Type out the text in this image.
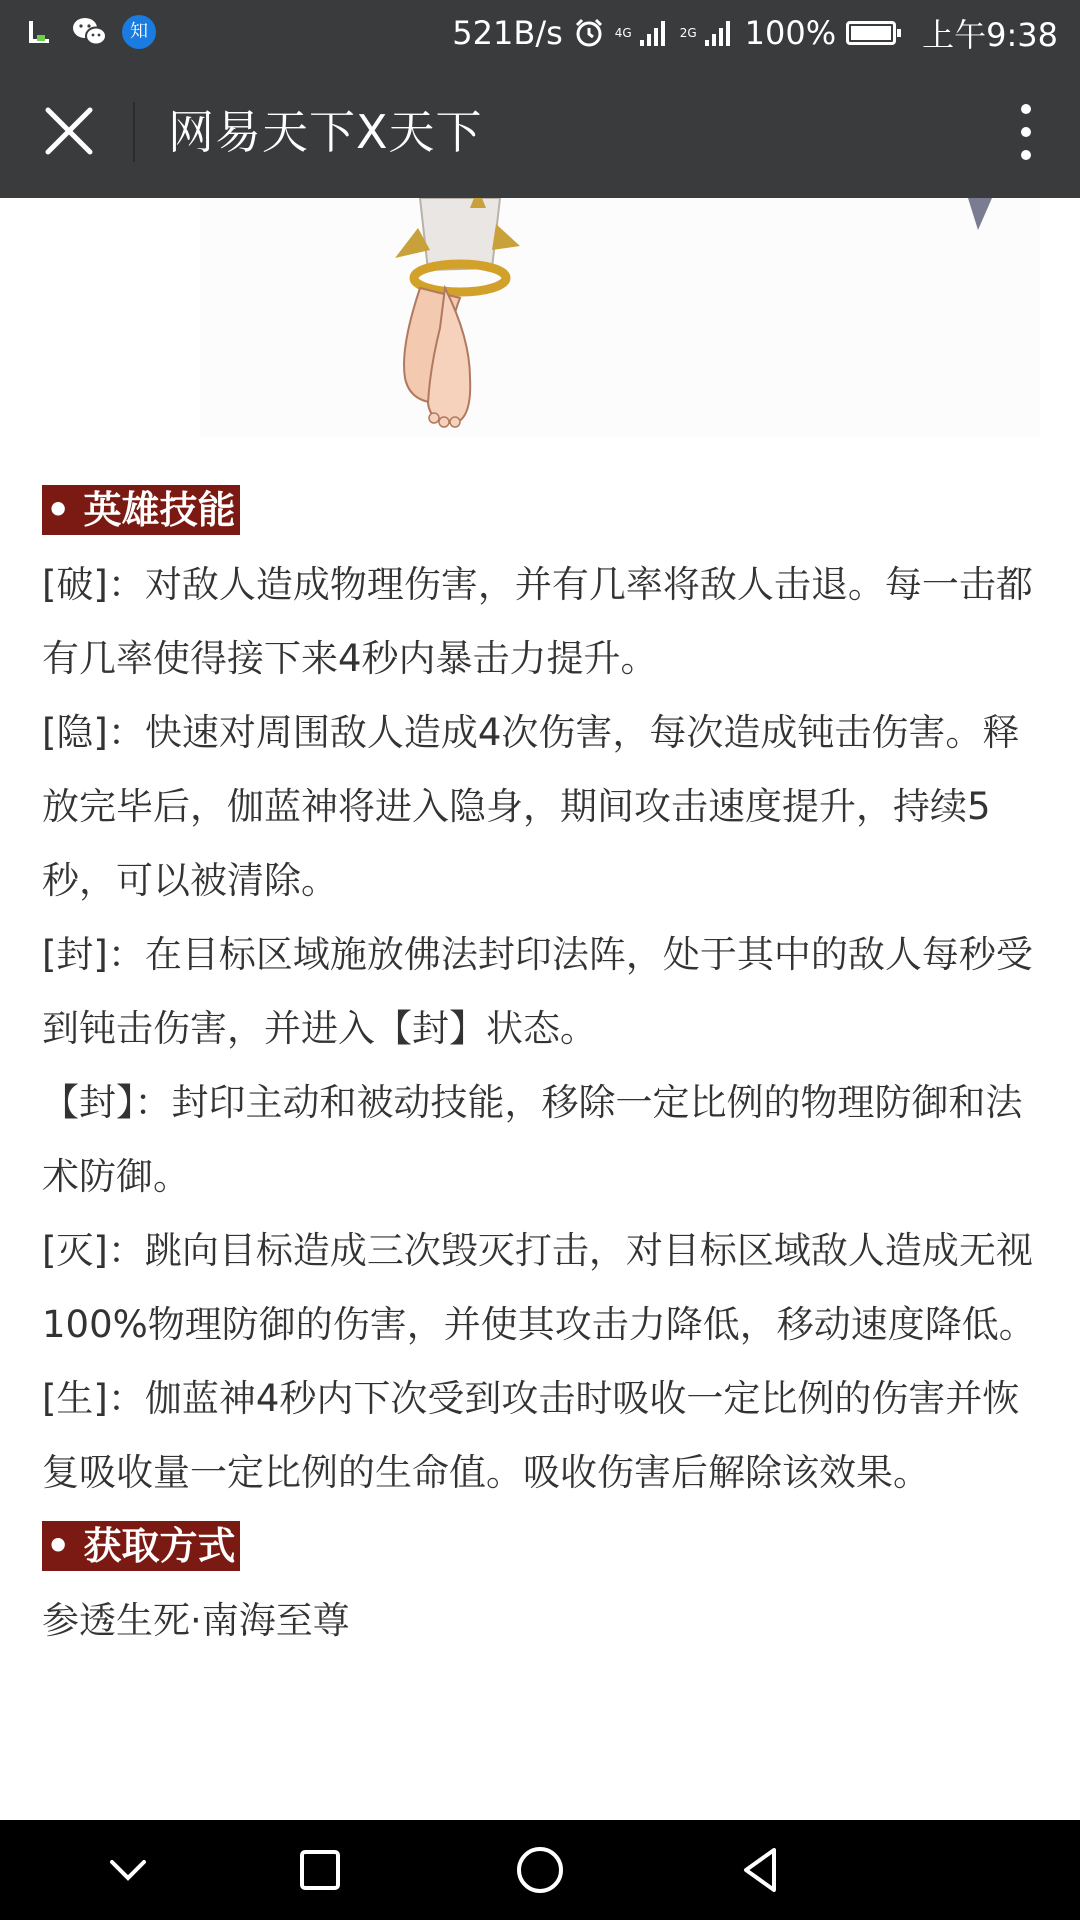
知	521B/s	4G	2G 100%	上午9:38
网易天下X天下
• 英雄技能

[破]：对敌人造成物理伤害，并有几率将敌人击退。每一击都有几率使得接下来4秒内暴击力提升。

[隐]：快速对周围敌人造成4次伤害，每次造成钝击伤害。释放完毕后，伽蓝神将进入隐身，期间攻击速度提升，持续5秒，可以被清除。

[封]：在目标区域施放佛法封印法阵，处于其中的敌人每秒受到钝击伤害，并进入【封】状态。

【封】：封印主动和被动技能，移除一定比例的物理防御和法术防御。

[灭]：跳向目标造成三次毁灭打击，对目标区域敌人造成无视100%物理防御的伤害，并使其攻击力降低，移动速度降低。

[生]：伽蓝神4秒内下次受到攻击时吸收一定比例的伤害并恢复吸收量一定比例的生命值。吸收伤害后解除该效果。

• 获取方式

参透生死·南海至尊
